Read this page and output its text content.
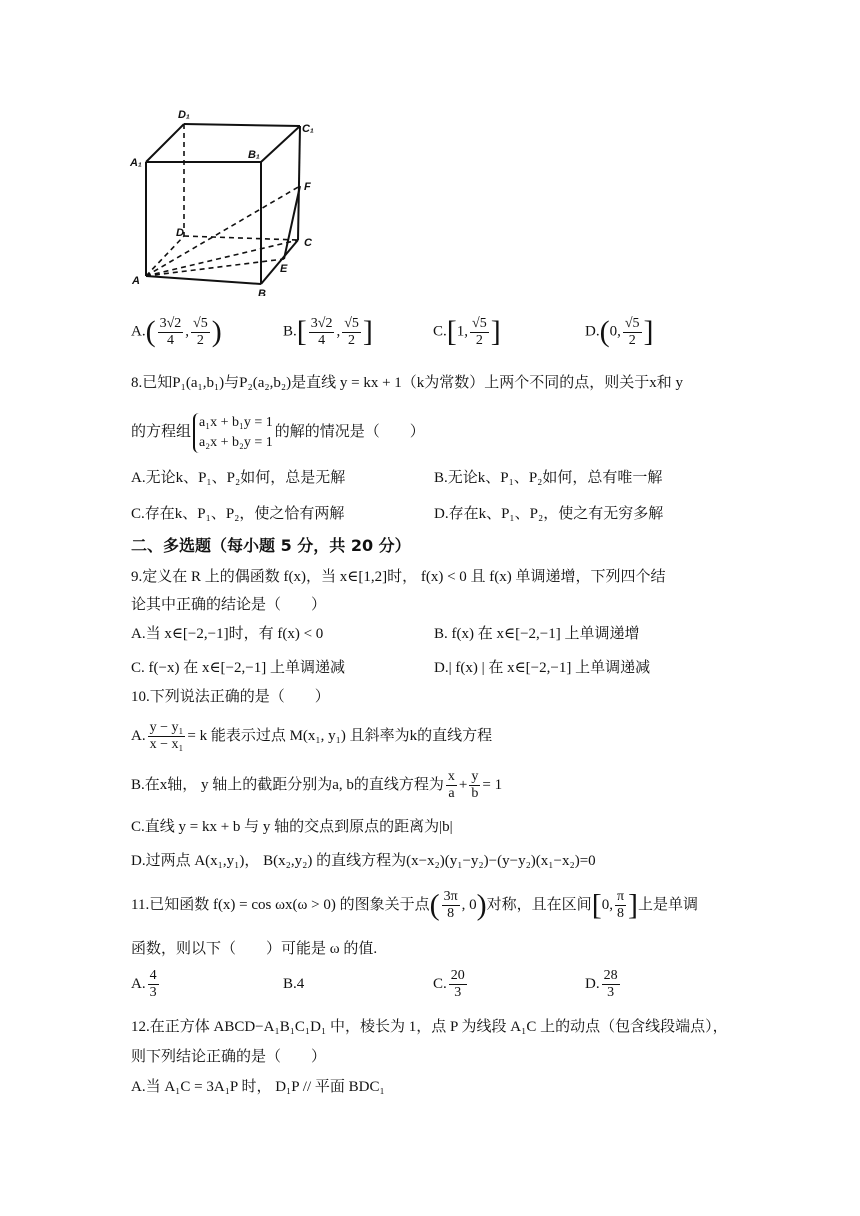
D₁
C₁
A₁
B₁
F
D
C
A
E
B
$A.( \frac{3√2}{4}$ , $\frac{√5}{2}$ )	$B.[ \frac{3√2}{4}$ , $\frac{√5}{2}$ ]	C.[1, $\frac{√5}{2}$ ]	D.(0, $\frac{√5}{2}$ ]
8.已知P₁(a₁,b₁)与P₂(a₂,b₂)是直线 y = kx + 1（k为常数）上两个不同的点，则关于x和 y
的方程组
a₁x + b₁y = 1
a₂x + b₂y = 1
的解的情况是（　　）
A.无论k、P₁、P₂如何，总是无解	B.无论k、P₁、P₂如何，总有唯一解
C.存在k、P₁、P₂，使之恰有两解	D.存在k、P₁、P₂，使之有无穷多解
二、多选题（每小题 5 分，共 20 分）
9.定义在 R 上的偶函数 f(x)，当 x∈[1,2]时， f(x) < 0 且 f(x) 单调递增，下列四个结
论其中正确的结论是（　　）
A.当 x∈[−2,−1]时，有 f(x) < 0	B. f(x) 在 x∈[−2,−1] 上单调递增
C. f(−x) 在 x∈[−2,−1] 上单调递减	D.| f(x) | 在 x∈[−2,−1] 上单调递减
10.下列说法正确的是（　　）
A. $\frac{\text{y − y₁}}{\text{x − x₁}} = k$ 能表示过点 M(x₁, y₁) 且斜率为k的直线方程
B.在x轴， y 轴上的截距分别为a, b的直线方程为 $\frac{x}{a} + \frac{y}{b} = 1$
C.直线 y = kx + b 与 y 轴的交点到原点的距离为|b|
D.过两点 A(x₁,y₁)， B(x₂,y₂) 的直线方程为(x−x₂)(y₁−y₂)−(y−y₂)(x₁−x₂)=0
11.已知函数 f(x) = cos ωx(ω > 0) 的图象关于点( $\frac{3\pi}{8}$ , 0)对称，且在区间[0, $\frac{\pi}{8}$ ]上是单调
函数，则以下（　　）可能是 ω 的值.
A. $\frac{4}{3}$	B.4	C. $\frac{20}{3}$	D. $\frac{28}{3}$
12.在正方体 ABCD−A₁B₁C₁D₁ 中，棱长为 1，点 P 为线段 A₁C 上的动点（包含线段端点），
则下列结论正确的是（　　）
A.当 A₁C = 3A₁P 时， D₁P // 平面 BDC₁
